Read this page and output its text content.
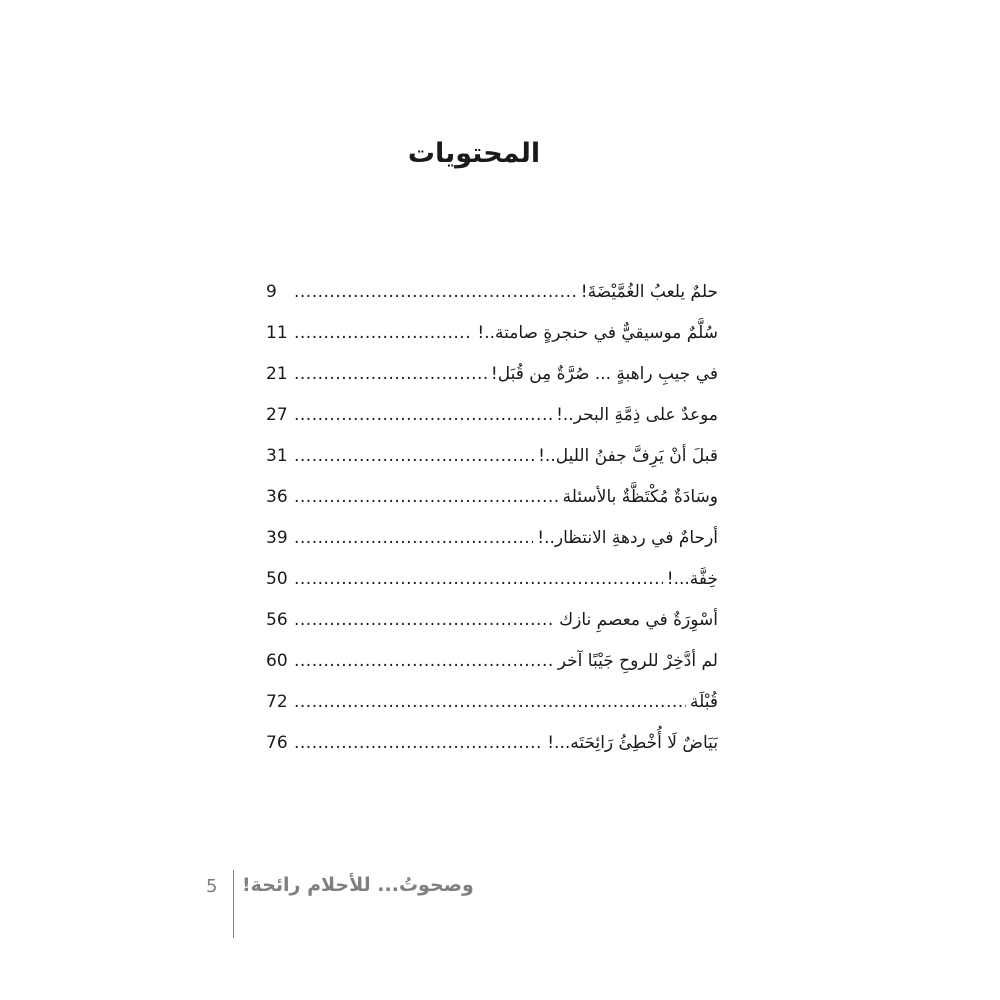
المحتويات
حلمٌ يلعبُ الغُمَّيْضَةَ!
.....
9
سُلَّمٌ موسيقيٌّ في حنجرةٍ صامتة..!
.....
11
في جيبِ راهبةٍ ... صُرَّةٌ مِن قُبَل!
.....
21
موعدٌ على ذِمَّةِ البحر..!
.....
27
قبلَ أنْ يَرِفَّ جفنُ الليل..!
.....
31
وسَادَةٌ مُكْتَظَّةٌ بالأسئلة
.....
36
أرحامٌ في ردهةِ الانتظار..!
.....
39
خِفَّة...!
.....
50
أسْوِرَةٌ في معصمِ نازك
.....
56
لم أدَّخِرْ للروحِ جَيْبًا آخر
.....
60
قُبْلَة
.....
72
بَيَاضٌ لَا أُخْطِئُ رَائِحَتَه...!
.....
76
5 وصحوتُ... للأحلام رائحة!
